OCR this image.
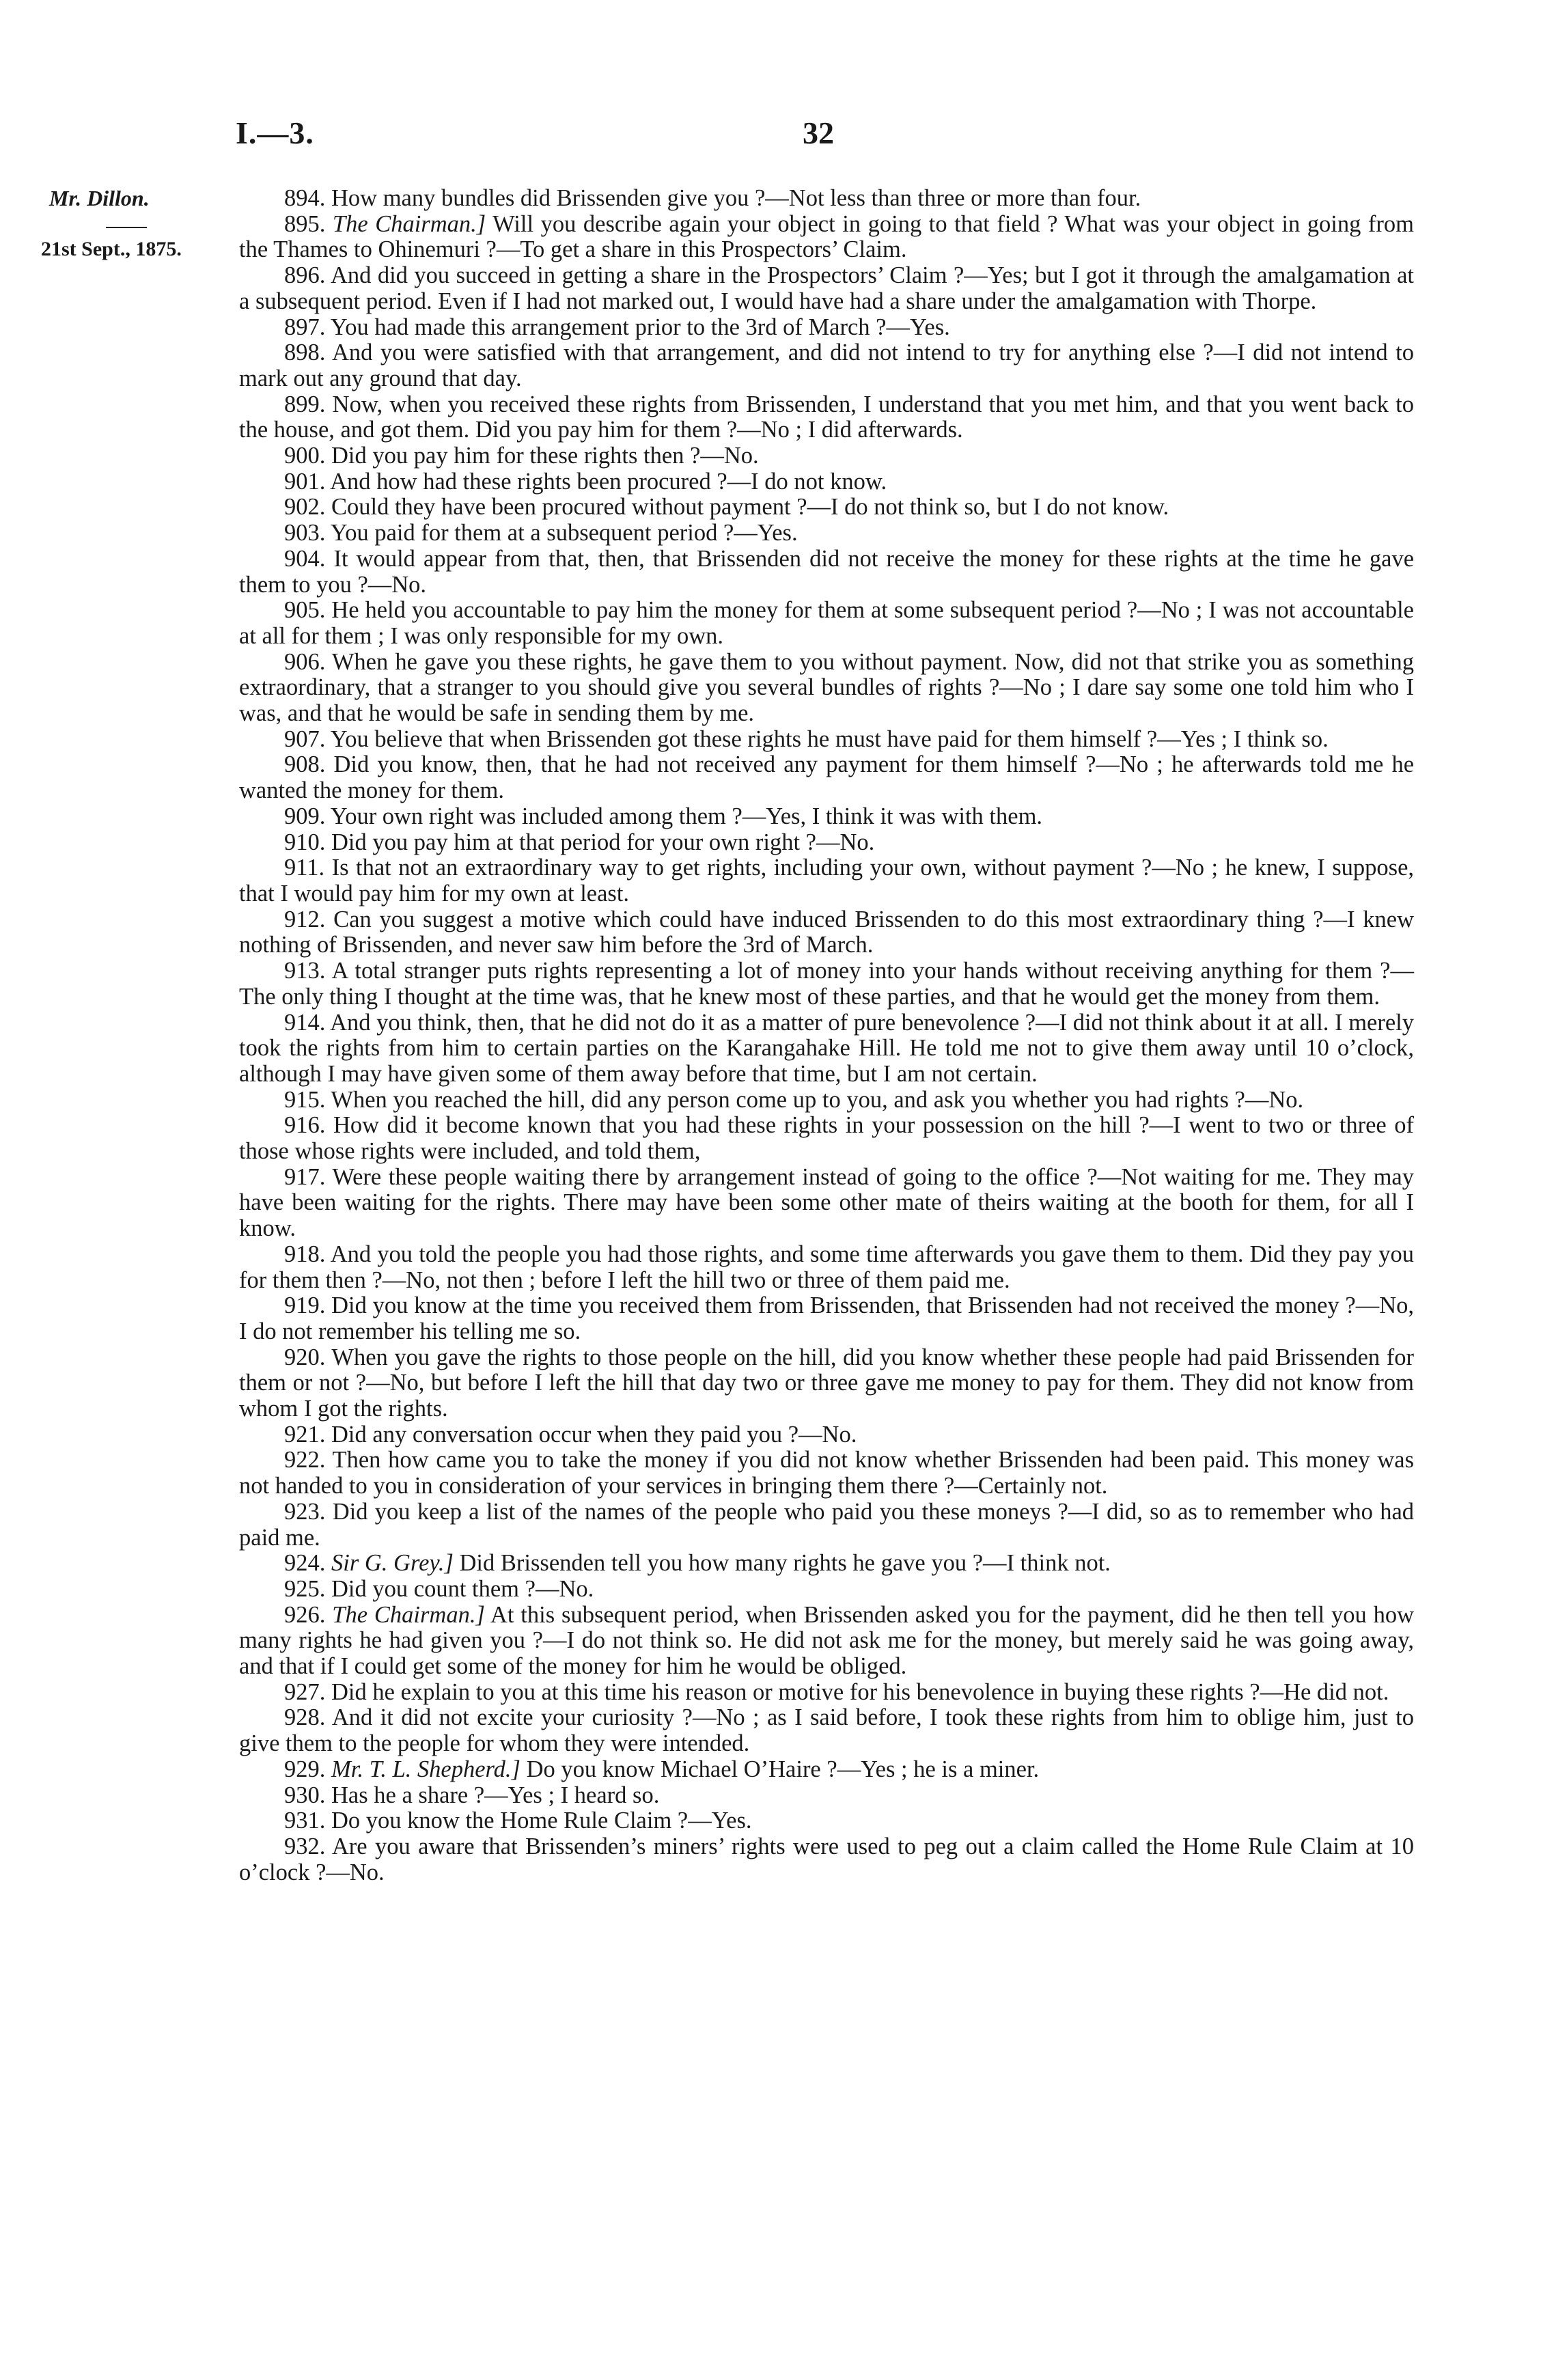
I.—3.	32
Mr. Dillon.
21st Sept., 1875.

894. How many bundles did Brissenden give you ?—Not less than three or more than four.

895. The Chairman.] Will you describe again your object in going to that field ? What was your object in going from the Thames to Ohinemuri ?—To get a share in this Prospectors’ Claim.

896. And did you succeed in getting a share in the Prospectors’ Claim ?—Yes; but I got it through the amalgamation at a subsequent period. Even if I had not marked out, I would have had a share under the amalgamation with Thorpe.

897. You had made this arrangement prior to the 3rd of March ?—Yes.

898. And you were satisfied with that arrangement, and did not intend to try for anything else ?—I did not intend to mark out any ground that day.

899. Now, when you received these rights from Brissenden, I understand that you met him, and that you went back to the house, and got them. Did you pay him for them ?—No ; I did afterwards.

900. Did you pay him for these rights then ?—No.

901. And how had these rights been procured ?—I do not know.

902. Could they have been procured without payment ?—I do not think so, but I do not know.

903. You paid for them at a subsequent period ?—Yes.

904. It would appear from that, then, that Brissenden did not receive the money for these rights at the time he gave them to you ?—No.

905. He held you accountable to pay him the money for them at some subsequent period ?—No ; I was not accountable at all for them ; I was only responsible for my own.

906. When he gave you these rights, he gave them to you without payment. Now, did not that strike you as something extraordinary, that a stranger to you should give you several bundles of rights ?—No ; I dare say some one told him who I was, and that he would be safe in sending them by me.

907. You believe that when Brissenden got these rights he must have paid for them himself ?—Yes ; I think so.

908. Did you know, then, that he had not received any payment for them himself ?—No ; he afterwards told me he wanted the money for them.

909. Your own right was included among them ?—Yes, I think it was with them.

910. Did you pay him at that period for your own right ?—No.

911. Is that not an extraordinary way to get rights, including your own, without payment ?—No ; he knew, I suppose, that I would pay him for my own at least.

912. Can you suggest a motive which could have induced Brissenden to do this most extraordinary thing ?—I knew nothing of Brissenden, and never saw him before the 3rd of March.

913. A total stranger puts rights representing a lot of money into your hands without receiving anything for them ?—The only thing I thought at the time was, that he knew most of these parties, and that he would get the money from them.

914. And you think, then, that he did not do it as a matter of pure benevolence ?—I did not think about it at all. I merely took the rights from him to certain parties on the Karangahake Hill. He told me not to give them away until 10 o’clock, although I may have given some of them away before that time, but I am not certain.

915. When you reached the hill, did any person come up to you, and ask you whether you had rights ?—No.

916. How did it become known that you had these rights in your possession on the hill ?—I went to two or three of those whose rights were included, and told them,

917. Were these people waiting there by arrangement instead of going to the office ?—Not waiting for me. They may have been waiting for the rights. There may have been some other mate of theirs waiting at the booth for them, for all I know.

918. And you told the people you had those rights, and some time afterwards you gave them to them. Did they pay you for them then ?—No, not then ; before I left the hill two or three of them paid me.

919. Did you know at the time you received them from Brissenden, that Brissenden had not received the money ?—No, I do not remember his telling me so.

920. When you gave the rights to those people on the hill, did you know whether these people had paid Brissenden for them or not ?—No, but before I left the hill that day two or three gave me money to pay for them. They did not know from whom I got the rights.

921. Did any conversation occur when they paid you ?—No.

922. Then how came you to take the money if you did not know whether Brissenden had been paid. This money was not handed to you in consideration of your services in bringing them there ?—Certainly not.

923. Did you keep a list of the names of the people who paid you these moneys ?—I did, so as to remember who had paid me.

924. Sir G. Grey.] Did Brissenden tell you how many rights he gave you ?—I think not.

925. Did you count them ?—No.

926. The Chairman.] At this subsequent period, when Brissenden asked you for the payment, did he then tell you how many rights he had given you ?—I do not think so. He did not ask me for the money, but merely said he was going away, and that if I could get some of the money for him he would be obliged.

927. Did he explain to you at this time his reason or motive for his benevolence in buying these rights ?—He did not.

928. And it did not excite your curiosity ?—No ; as I said before, I took these rights from him to oblige him, just to give them to the people for whom they were intended.

929. Mr. T. L. Shepherd.] Do you know Michael O’Haire ?—Yes ; he is a miner.

930. Has he a share ?—Yes ; I heard so.

931. Do you know the Home Rule Claim ?—Yes.

932. Are you aware that Brissenden’s miners’ rights were used to peg out a claim called the Home Rule Claim at 10 o’clock ?—No.
